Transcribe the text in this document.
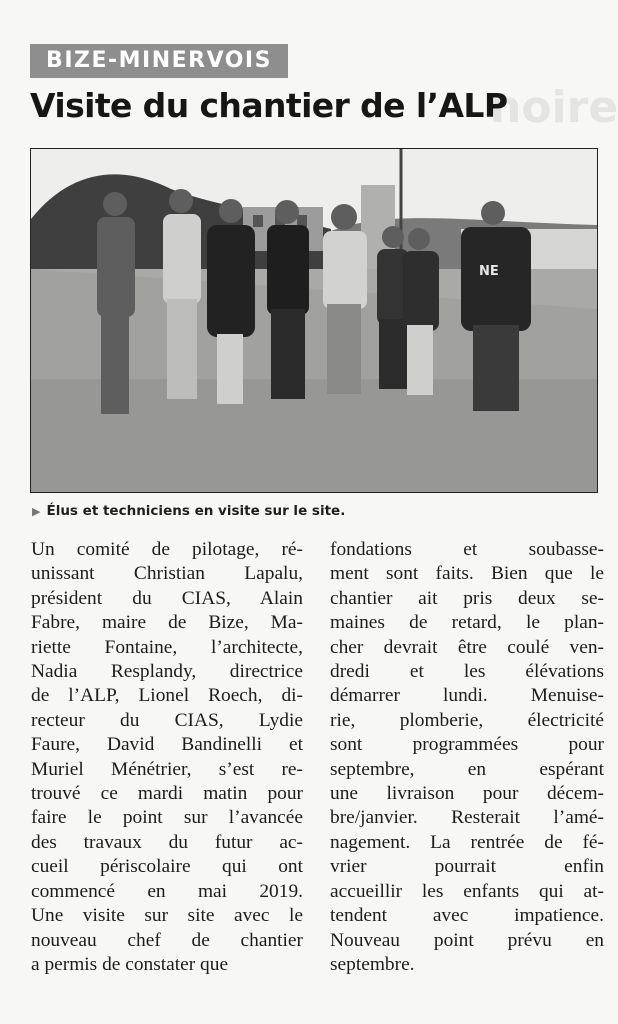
BIZE-MINERVOIS
noire
Visite du chantier de l’ALP
NE
▶ Élus et techniciens en visite sur le site.
Un comité de pilotage, ré-
unissant Christian Lapalu,
président du CIAS, Alain
Fabre, maire de Bize, Ma-
riette Fontaine, l’architecte,
Nadia Resplandy, directrice
de l’ALP, Lionel Roech, di-
recteur du CIAS, Lydie
Faure, David Bandinelli et
Muriel Ménétrier, s’est re-
trouvé ce mardi matin pour
faire le point sur l’avancée
des travaux du futur ac-
cueil périscolaire qui ont
commencé en mai 2019.
Une visite sur site avec le
nouveau chef de chantier
a permis de constater que
fondations et soubasse-
ment sont faits. Bien que le
chantier ait pris deux se-
maines de retard, le plan-
cher devrait être coulé ven-
dredi et les élévations
démarrer lundi. Menuise-
rie, plomberie, électricité
sont programmées pour
septembre, en espérant
une livraison pour décem-
bre/janvier. Resterait l’amé-
nagement. La rentrée de fé-
vrier pourrait enfin
accueillir les enfants qui at-
tendent avec impatience.
Nouveau point prévu en
septembre.
